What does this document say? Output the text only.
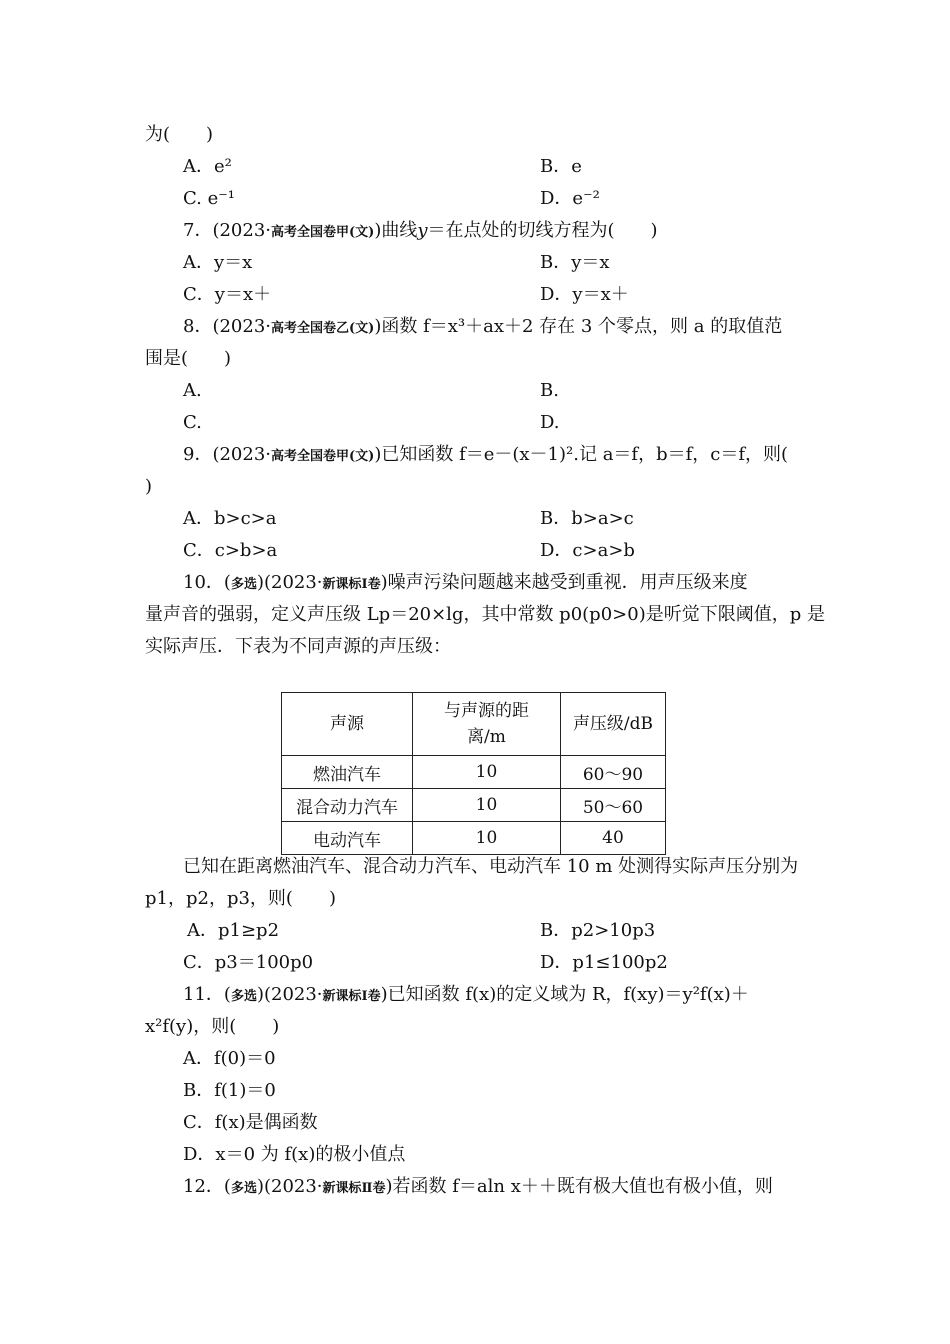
为(　　)
A．e²	B．e
C. e⁻¹	D．e⁻²
7．(2023·高考全国卷甲(文))曲线y＝在点处的切线方程为(　　)
A．y＝x	B．y＝x
C．y＝x＋	D．y＝x＋
8．(2023·高考全国卷乙(文))函数 f＝x³＋ax＋2 存在 3 个零点，则 a 的取值范
围是(　　)
A.	B.
C.	D.
9．(2023·高考全国卷甲(文))已知函数 f＝e－(x－1)².记 a＝f，b＝f，c＝f，则(
)
A．b>c>a	B．b>a>c
C．c>b>a	D．c>a>b
10．(多选)(2023·新课标Ⅰ卷)噪声污染问题越来越受到重视．用声压级来度
量声音的强弱，定义声压级 Lp＝20×lg，其中常数 p0(p0>0)是听觉下限阈值，p 是
实际声压．下表为不同声源的声压级：
声源	与声源的距离/m	声压级/dB
燃油汽车	10	60～90
混合动力汽车	10	50～60
电动汽车	10	40
已知在距离燃油汽车、混合动力汽车、电动汽车 10 m 处测得实际声压分别为
p1，p2，p3，则(　　)
A．p1≥p2	B．p2>10p3
C．p3＝100p0	D．p1≤100p2
11．(多选)(2023·新课标Ⅰ卷)已知函数 f(x)的定义域为 R，f(xy)＝y²f(x)＋
x²f(y)，则(　　)
A．f(0)＝0
B．f(1)＝0
C．f(x)是偶函数
D．x＝0 为 f(x)的极小值点
12．(多选)(2023·新课标Ⅱ卷)若函数 f＝aln x＋＋既有极大值也有极小值，则
